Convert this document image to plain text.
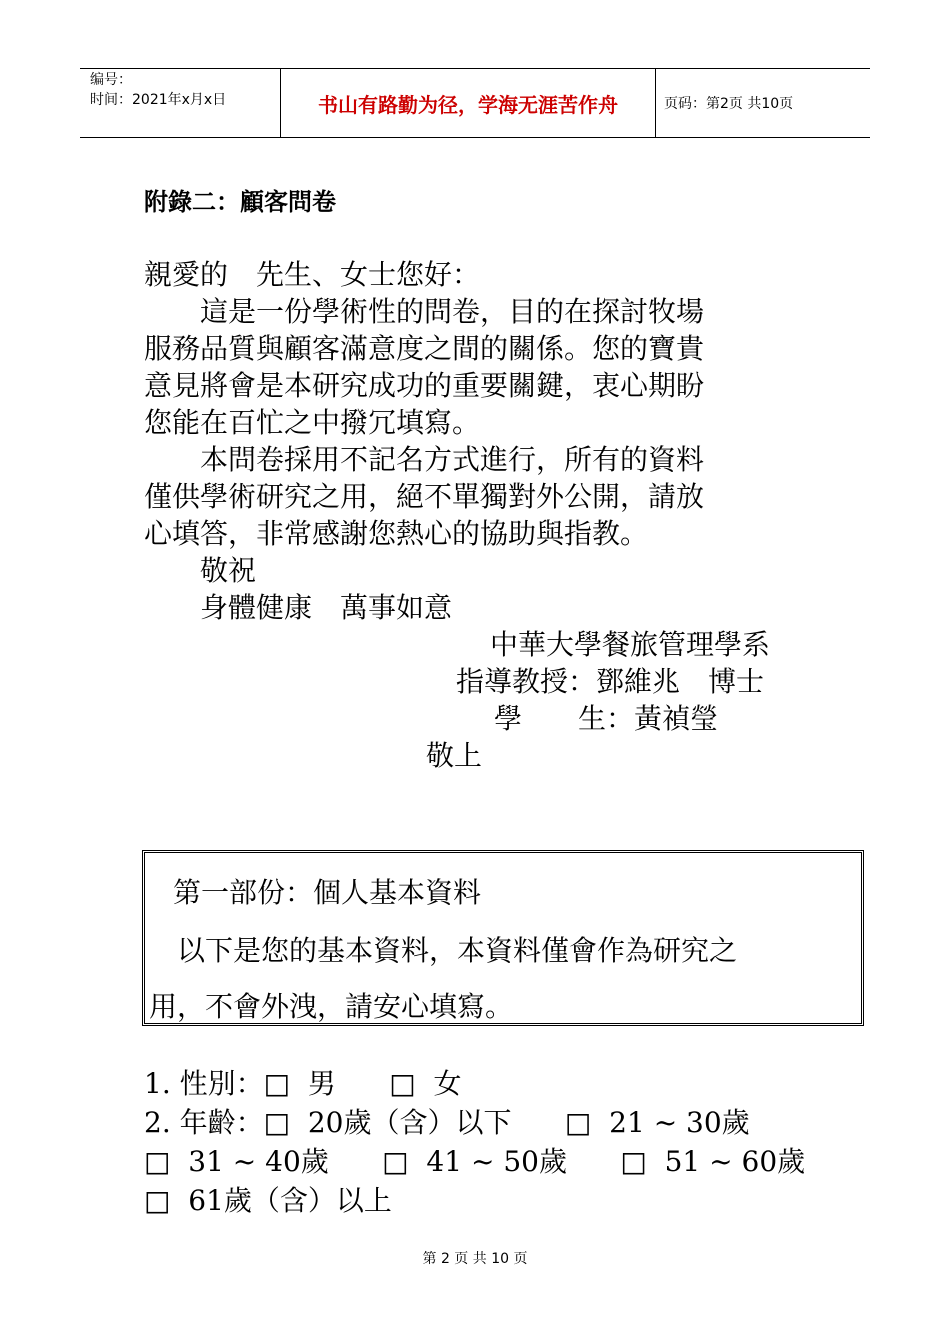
编号：
时间：2021年x月x日	书山有路勤为径，学海无涯苦作舟	页码：第2页 共10页
附錄二：顧客問卷
親愛的　先生、女士您好：
　　這是一份學術性的問卷，目的在探討牧場
服務品質與顧客滿意度之間的關係。您的寶貴
意見將會是本研究成功的重要關鍵，衷心期盼
您能在百忙之中撥冗填寫。
　　本問卷採用不記名方式進行，所有的資料
僅供學術研究之用，絕不單獨對外公開，請放
心填答，非常感謝您熱心的協助與指教。
　　敬祝
　　身體健康　萬事如意
中華大學餐旅管理學系
指導教授：鄧維兆　博士
學　　生：黃禎瑩
敬上
第一部份：個人基本資料
　以下是您的基本資料，本資料僅會作為研究之
用，不會外洩，請安心填寫。
1. 性別：□  男      □  女
2. 年齡：□  20歲（含）以下      □  21 ~ 30歲
□  31 ~ 40歲      □  41 ~ 50歲      □  51 ~ 60歲
□  61歲（含）以上
第 2 页 共 10 页
